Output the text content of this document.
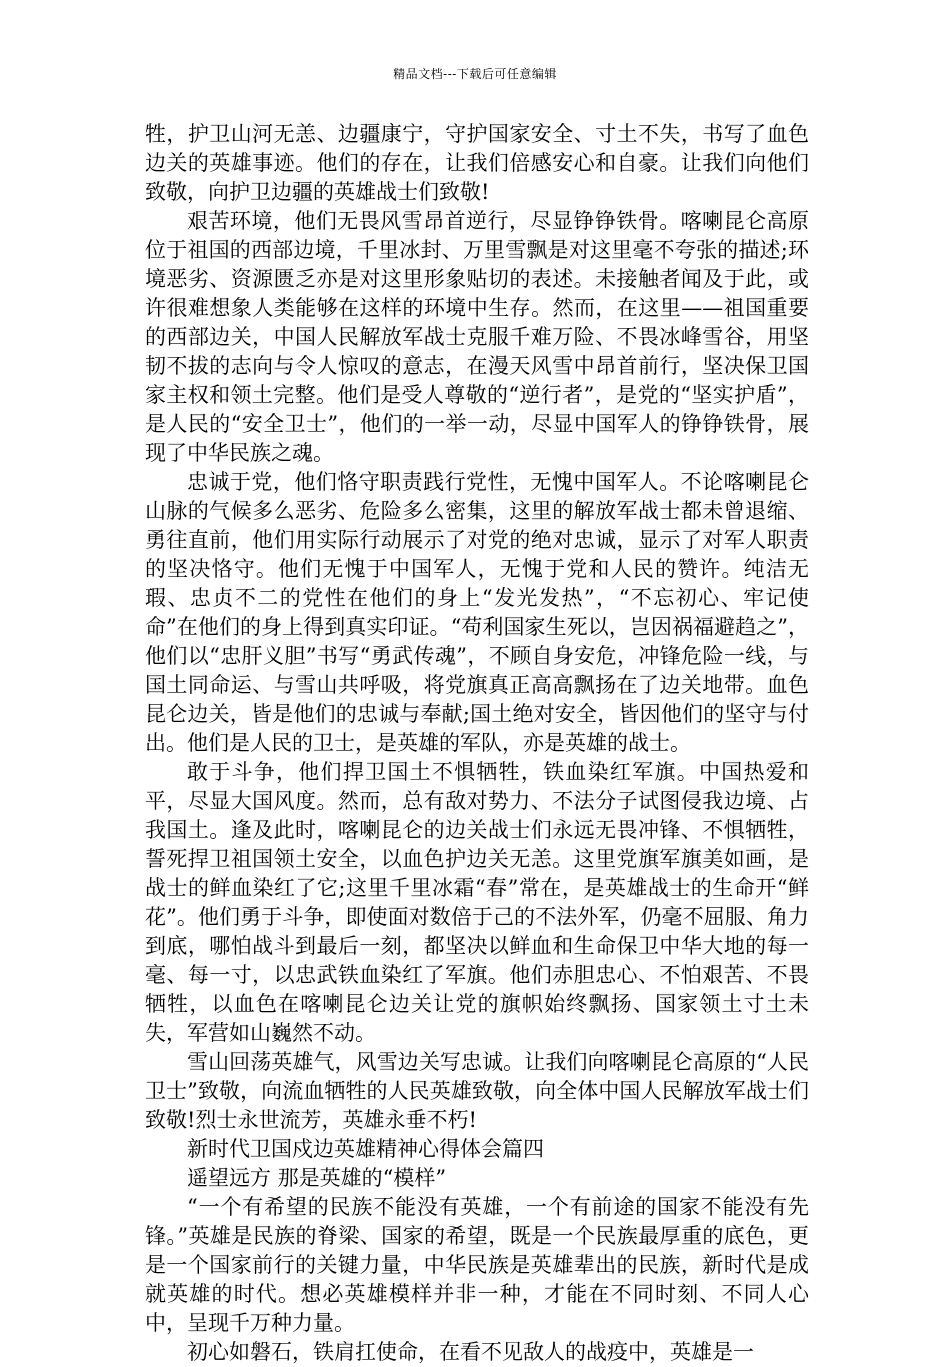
精品文档---下载后可任意编辑

牲，护卫山河无恙、边疆康宁，守护国家安全、寸土不失，书写了血色边关的英雄事迹。他们的存在，让我们倍感安心和自豪。让我们向他们致敬，向护卫边疆的英雄战士们致敬!

艰苦环境，他们无畏风雪昂首逆行，尽显铮铮铁骨。喀喇昆仑高原位于祖国的西部边境，千里冰封、万里雪飘是对这里毫不夸张的描述;环境恶劣、资源匮乏亦是对这里形象贴切的表述。未接触者闻及于此，或许很难想象人类能够在这样的环境中生存。然而，在这里——祖国重要的西部边关，中国人民解放军战士克服千难万险、不畏冰峰雪谷，用坚韧不拔的志向与令人惊叹的意志，在漫天风雪中昂首前行，坚决保卫国家主权和领土完整。他们是受人尊敬的“逆行者”，是党的“坚实护盾”，是人民的“安全卫士”，他们的一举一动，尽显中国军人的铮铮铁骨，展现了中华民族之魂。

忠诚于党，他们恪守职责践行党性，无愧中国军人。不论喀喇昆仑山脉的气候多么恶劣、危险多么密集，这里的解放军战士都未曾退缩、勇往直前，他们用实际行动展示了对党的绝对忠诚，显示了对军人职责的坚决恪守。他们无愧于中国军人，无愧于党和人民的赞许。纯洁无瑕、忠贞不二的党性在他们的身上“发光发热”，“不忘初心、牢记使命”在他们的身上得到真实印证。“苟利国家生死以，岂因祸福避趋之”，他们以“忠肝义胆”书写“勇武传魂”，不顾自身安危，冲锋危险一线，与国土同命运、与雪山共呼吸，将党旗真正高高飘扬在了边关地带。血色昆仑边关，皆是他们的忠诚与奉献;国土绝对安全，皆因他们的坚守与付出。他们是人民的卫士，是英雄的军队，亦是英雄的战士。

敢于斗争，他们捍卫国土不惧牺牲，铁血染红军旗。中国热爱和平，尽显大国风度。然而，总有敌对势力、不法分子试图侵我边境、占我国土。逢及此时，喀喇昆仑的边关战士们永远无畏冲锋、不惧牺牲，誓死捍卫祖国领土安全，以血色护边关无恙。这里党旗军旗美如画，是战士的鲜血染红了它;这里千里冰霜“春”常在，是英雄战士的生命开“鲜花”。他们勇于斗争，即使面对数倍于己的不法外军，仍毫不屈服、角力到底，哪怕战斗到最后一刻，都坚决以鲜血和生命保卫中华大地的每一毫、每一寸，以忠武铁血染红了军旗。他们赤胆忠心、不怕艰苦、不畏牺牲，以血色在喀喇昆仑边关让党的旗帜始终飘扬、国家领土寸土未失，军营如山巍然不动。

雪山回荡英雄气，风雪边关写忠诚。让我们向喀喇昆仑高原的“人民卫士”致敬，向流血牺牲的人民英雄致敬，向全体中国人民解放军战士们致敬!烈士永世流芳，英雄永垂不朽!

新时代卫国戍边英雄精神心得体会篇四

遥望远方 那是英雄的“模样”

“一个有希望的民族不能没有英雄，一个有前途的国家不能没有先锋。”英雄是民族的脊梁、国家的希望，既是一个民族最厚重的底色，更是一个国家前行的关键力量，中华民族是英雄辈出的民族，新时代是成就英雄的时代。想必英雄模样并非一种，才能在不同时刻、不同人心中，呈现千万种力量。

初心如磐石，铁肩扛使命，在看不见敌人的战疫中，英雄是一
